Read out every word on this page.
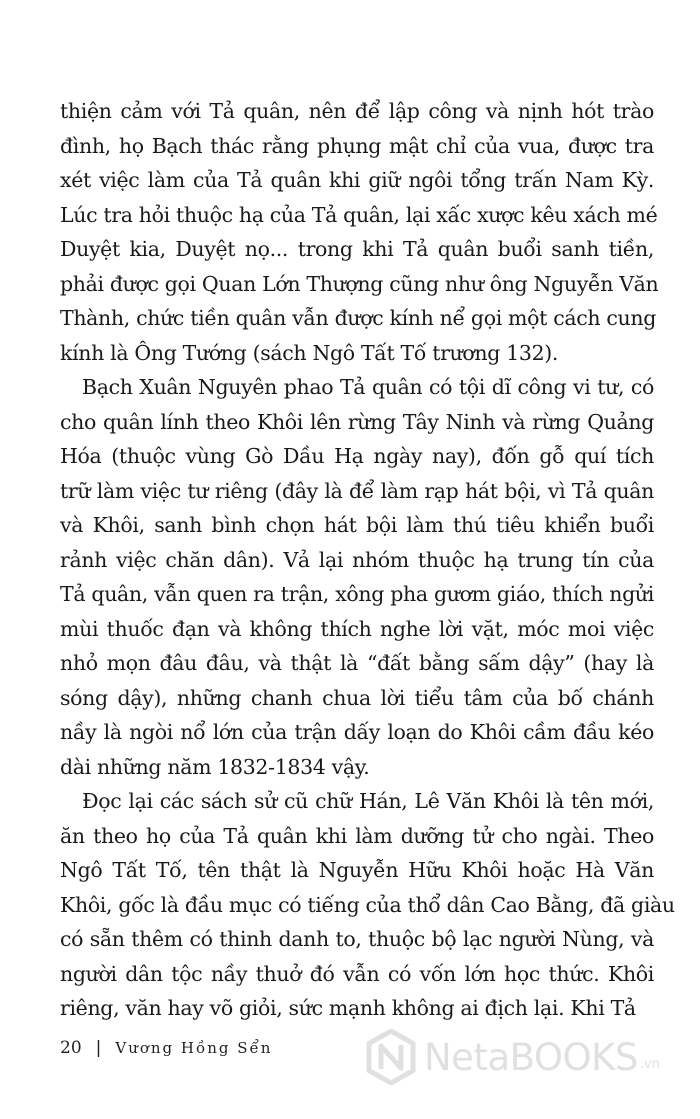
thiện cảm với Tả quân, nên để lập công và nịnh hót trào
đình, họ Bạch thác rằng phụng mật chỉ của vua, được tra
xét việc làm của Tả quân khi giữ ngôi tổng trấn Nam Kỳ.
Lúc tra hỏi thuộc hạ của Tả quân, lại xấc xược kêu xách mé
Duyệt kia, Duyệt nọ... trong khi Tả quân buổi sanh tiền,
phải được gọi Quan Lớn Thượng cũng như ông Nguyễn Văn
Thành, chức tiền quân vẫn được kính nể gọi một cách cung
kính là Ông Tướng (sách Ngô Tất Tố trương 132).
Bạch Xuân Nguyên phao Tả quân có tội dĩ công vi tư, có
cho quân lính theo Khôi lên rừng Tây Ninh và rừng Quảng
Hóa (thuộc vùng Gò Dầu Hạ ngày nay), đốn gỗ quí tích
trữ làm việc tư riêng (đây là để làm rạp hát bội, vì Tả quân
và Khôi, sanh bình chọn hát bội làm thú tiêu khiển buổi
rảnh việc chăn dân). Vả lại nhóm thuộc hạ trung tín của
Tả quân, vẫn quen ra trận, xông pha gươm giáo, thích ngửi
mùi thuốc đạn và không thích nghe lời vặt, móc moi việc
nhỏ mọn đâu đâu, và thật là “đất bằng sấm dậy” (hay là
sóng dậy), những chanh chua lời tiểu tâm của bố chánh
nầy là ngòi nổ lớn của trận dấy loạn do Khôi cầm đầu kéo
dài những năm 1832-1834 vậy.
Đọc lại các sách sử cũ chữ Hán, Lê Văn Khôi là tên mới,
ăn theo họ của Tả quân khi làm dưỡng tử cho ngài. Theo
Ngô Tất Tố, tên thật là Nguyễn Hữu Khôi hoặc Hà Văn
Khôi, gốc là đầu mục có tiếng của thổ dân Cao Bằng, đã giàu
có sẵn thêm có thinh danh to, thuộc bộ lạc người Nùng, và
người dân tộc nầy thuở đó vẫn có vốn lớn học thức. Khôi
riêng, văn hay võ giỏi, sức mạnh không ai địch lại. Khi Tả
20 | Vương Hồng Sển	NetaBOOKS .vn
